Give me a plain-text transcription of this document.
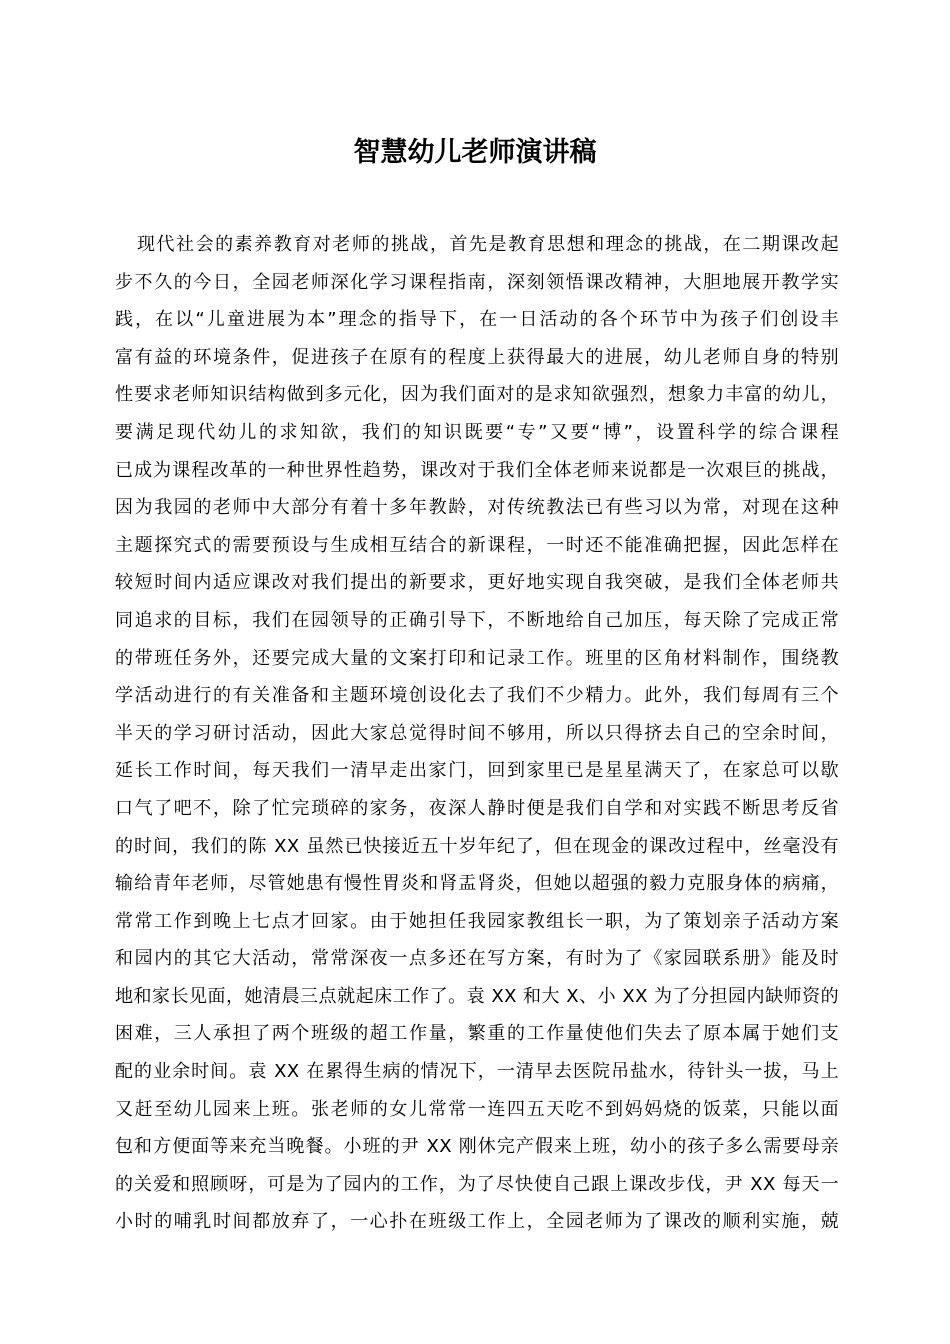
智慧幼儿老师演讲稿
现代社会的素养教育对老师的挑战，首先是教育思想和理念的挑战，在二期课改起
步不久的今日，全园老师深化学习课程指南，深刻领悟课改精神，大胆地展开教学实
践，在以“儿童进展为本”理念的指导下，在一日活动的各个环节中为孩子们创设丰
富有益的环境条件，促进孩子在原有的程度上获得最大的进展，幼儿老师自身的特别
性要求老师知识结构做到多元化，因为我们面对的是求知欲强烈，想象力丰富的幼儿，
要满足现代幼儿的求知欲，我们的知识既要“专”又要“博”，设置科学的综合课程
已成为课程改革的一种世界性趋势，课改对于我们全体老师来说都是一次艰巨的挑战，
因为我园的老师中大部分有着十多年教龄，对传统教法已有些习以为常，对现在这种
主题探究式的需要预设与生成相互结合的新课程，一时还不能准确把握，因此怎样在
较短时间内适应课改对我们提出的新要求，更好地实现自我突破，是我们全体老师共
同追求的目标，我们在园领导的正确引导下，不断地给自己加压，每天除了完成正常
的带班任务外，还要完成大量的文案打印和记录工作。班里的区角材料制作，围绕教
学活动进行的有关准备和主题环境创设化去了我们不少精力。此外，我们每周有三个
半天的学习研讨活动，因此大家总觉得时间不够用，所以只得挤去自己的空余时间，
延长工作时间，每天我们一清早走出家门，回到家里已是星星满天了，在家总可以歇
口气了吧不，除了忙完琐碎的家务，夜深人静时便是我们自学和对实践不断思考反省
的时间，我们的陈 XX 虽然已快接近五十岁年纪了，但在现金的课改过程中，丝毫没有
输给青年老师，尽管她患有慢性胃炎和肾盂肾炎，但她以超强的毅力克服身体的病痛，
常常工作到晚上七点才回家。由于她担任我园家教组长一职，为了策划亲子活动方案
和园内的其它大活动，常常深夜一点多还在写方案，有时为了《家园联系册》能及时
地和家长见面，她清晨三点就起床工作了。袁 XX 和大 X、小 XX 为了分担园内缺师资的
困难，三人承担了两个班级的超工作量，繁重的工作量使他们失去了原本属于她们支
配的业余时间。袁 XX 在累得生病的情况下，一清早去医院吊盐水，待针头一拔，马上
又赶至幼儿园来上班。张老师的女儿常常一连四五天吃不到妈妈烧的饭菜，只能以面
包和方便面等来充当晚餐。小班的尹 XX 刚休完产假来上班，幼小的孩子多么需要母亲
的关爱和照顾呀，可是为了园内的工作，为了尽快使自己跟上课改步伐，尹 XX 每天一
小时的哺乳时间都放弃了，一心扑在班级工作上，全园老师为了课改的顺利实施，兢
